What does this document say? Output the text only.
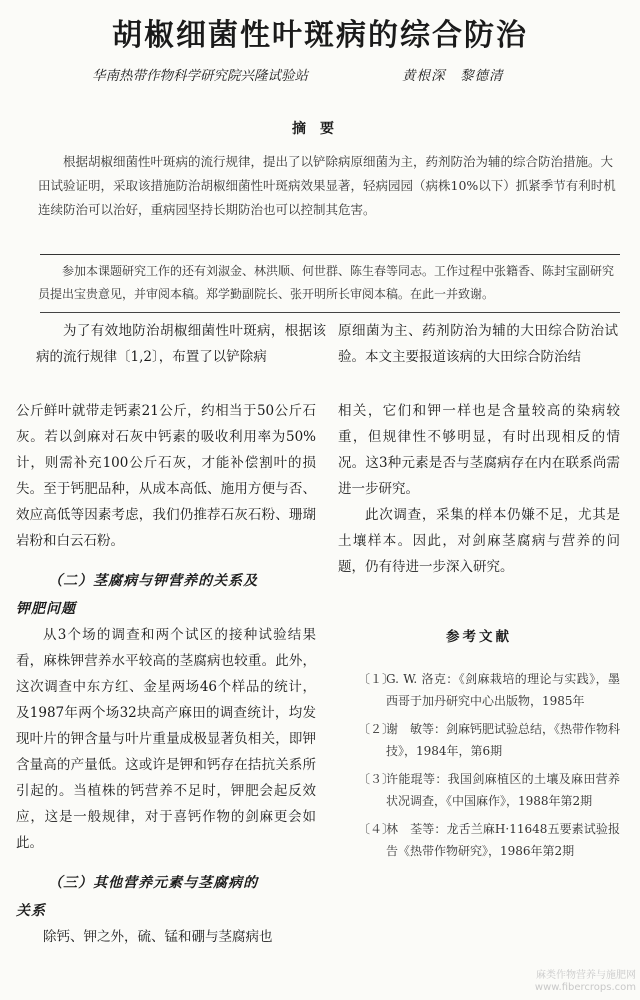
胡椒细菌性叶斑病的综合防治
华南热带作物科学研究院兴隆试验站	黄根深　黎德清
摘要

根据胡椒细菌性叶斑病的流行规律，提出了以铲除病原细菌为主，药剂防治为辅的综合防治措施。大田试验证明，采取该措施防治胡椒细菌性叶斑病效果显著，轻病园园（病株10%以下）抓紧季节有利时机连续防治可以治好，重病园坚持长期防治也可以控制其危害。

参加本课题研究工作的还有刘淑金、林洪顺、何世群、陈生春等同志。工作过程中张籍香、陈封宝副研究员提出宝贵意见，并审阅本稿。郑学勤副院长、张开明所长审阅本稿。在此一并致谢。

为了有效地防治胡椒细菌性叶斑病，根据该病的流行规律〔1,2〕，布置了以铲除病

原细菌为主、药剂防治为辅的大田综合防治试验。本文主要报道该病的大田综合防治结

公斤鲜叶就带走钙素21公斤，约相当于50公斤石灰。若以剑麻对石灰中钙素的吸收利用率为50%计，则需补充100公斤石灰，才能补偿割叶的损失。至于钙肥品种，从成本高低、施用方便与否、效应高低等因素考虑，我们仍推荐石灰石粉、珊瑚岩粉和白云石粉。

（二）茎腐病与钾营养的关系及

钾肥问题

从3个场的调查和两个试区的接种试验结果看，麻株钾营养水平较高的茎腐病也较重。此外，这次调查中东方红、金星两场46个样品的统计，及1987年两个场32块高产麻田的调查统计，均发现叶片的钾含量与叶片重量成极显著负相关，即钾含量高的产量低。这或许是钾和钙存在拮抗关系所引起的。当植株的钙营养不足时，钾肥会起反效应，这是一般规律，对于喜钙作物的剑麻更会如此。

（三）其他营养元素与茎腐病的

关系

除钙、钾之外，硫、锰和硼与茎腐病也

相关，它们和钾一样也是含量较高的染病较重，但规律性不够明显，有时出现相反的情况。这3种元素是否与茎腐病存在内在联系尚需进一步研究。

此次调查，采集的样本仍嫌不足，尤其是土壤样本。因此，对剑麻茎腐病与营养的问题，仍有待进一步深入研究。

参考文献

〔１〕
G. W. 洛克：《剑麻栽培的理论与实践》，墨西哥于加丹研究中心出版物，1985年

〔２〕
谢　敏等：剑麻钙肥试验总结，《热带作物科技》，1984年，第6期

〔３〕
许能琨等：我国剑麻植区的土壤及麻田营养状况调查，《中国麻作》，1988年第2期

〔４〕
林　荃等：龙舌兰麻H·11648五要素试验报告《热带作物研究》，1986年第2期

麻类作物营养与施肥网
www.fibercrops.com
